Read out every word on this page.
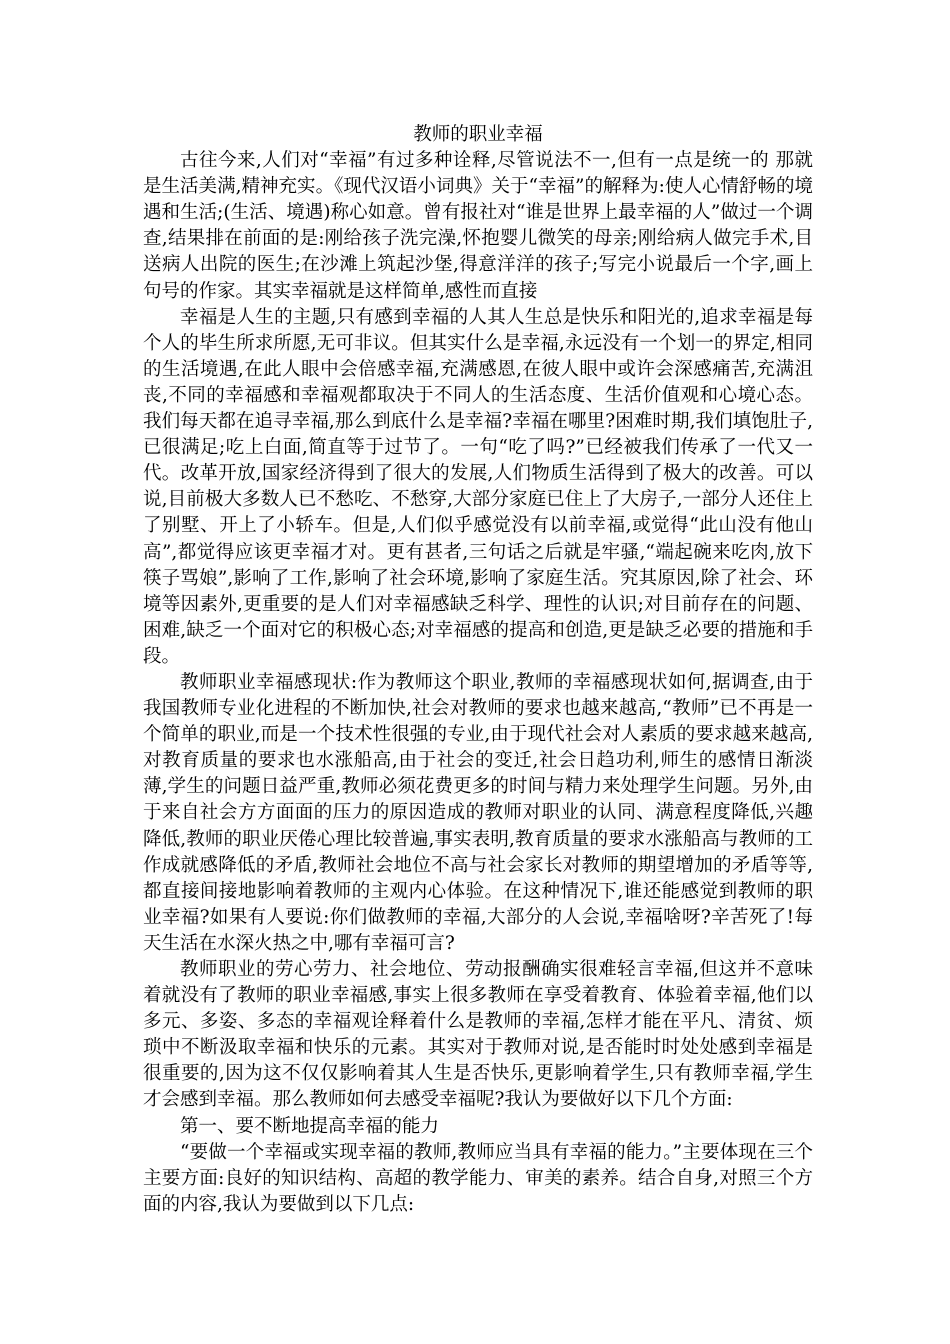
教师的职业幸福

古往今来,人们对“幸福”有过多种诠释,尽管说法不一,但有一点是统一的 那就是生活美满,精神充实。《现代汉语小词典》关于“幸福”的解释为:使人心情舒畅的境遇和生活;(生活、境遇)称心如意。曾有报社对“谁是世界上最幸福的人”做过一个调查,结果排在前面的是:刚给孩子洗完澡,怀抱婴儿微笑的母亲;刚给病人做完手术,目送病人出院的医生;在沙滩上筑起沙堡,得意洋洋的孩子;写完小说最后一个字,画上句号的作家。其实幸福就是这样简单,感性而直接

幸福是人生的主题,只有感到幸福的人其人生总是快乐和阳光的,追求幸福是每个人的毕生所求所愿,无可非议。但其实什么是幸福,永远没有一个划一的界定,相同的生活境遇,在此人眼中会倍感幸福,充满感恩,在彼人眼中或许会深感痛苦,充满沮丧,不同的幸福感和幸福观都取决于不同人的生活态度、生活价值观和心境心态。我们每天都在追寻幸福,那么到底什么是幸福?幸福在哪里?困难时期,我们填饱肚子,已很满足;吃上白面,简直等于过节了。一句“吃了吗?”已经被我们传承了一代又一代。改革开放,国家经济得到了很大的发展,人们物质生活得到了极大的改善。可以说,目前极大多数人已不愁吃、不愁穿,大部分家庭已住上了大房子,一部分人还住上了别墅、开上了小轿车。但是,人们似乎感觉没有以前幸福,或觉得“此山没有他山高”,都觉得应该更幸福才对。更有甚者,三句话之后就是牢骚,“端起碗来吃肉,放下筷子骂娘”,影响了工作,影响了社会环境,影响了家庭生活。究其原因,除了社会、环境等因素外,更重要的是人们对幸福感缺乏科学、理性的认识;对目前存在的问题、困难,缺乏一个面对它的积极心态;对幸福感的提高和创造,更是缺乏必要的措施和手段。

教师职业幸福感现状:作为教师这个职业,教师的幸福感现状如何,据调查,由于我国教师专业化进程的不断加快,社会对教师的要求也越来越高,“教师”已不再是一个简单的职业,而是一个技术性很强的专业,由于现代社会对人素质的要求越来越高,对教育质量的要求也水涨船高,由于社会的变迁,社会日趋功利,师生的感情日渐淡薄,学生的问题日益严重,教师必须花费更多的时间与精力来处理学生问题。另外,由于来自社会方方面面的压力的原因造成的教师对职业的认同、满意程度降低,兴趣降低,教师的职业厌倦心理比较普遍,事实表明,教育质量的要求水涨船高与教师的工作成就感降低的矛盾,教师社会地位不高与社会家长对教师的期望增加的矛盾等等,都直接间接地影响着教师的主观内心体验。在这种情况下,谁还能感觉到教师的职业幸福?如果有人要说:你们做教师的幸福,大部分的人会说,幸福啥呀?辛苦死了!每天生活在水深火热之中,哪有幸福可言?

教师职业的劳心劳力、社会地位、劳动报酬确实很难轻言幸福,但这并不意味着就没有了教师的职业幸福感,事实上很多教师在享受着教育、体验着幸福,他们以多元、多姿、多态的幸福观诠释着什么是教师的幸福,怎样才能在平凡、清贫、烦琐中不断汲取幸福和快乐的元素。其实对于教师对说,是否能时时处处感到幸福是很重要的,因为这不仅仅影响着其人生是否快乐,更影响着学生,只有教师幸福,学生才会感到幸福。那么教师如何去感受幸福呢?我认为要做好以下几个方面:

第一、要不断地提高幸福的能力

“要做一个幸福或实现幸福的教师,教师应当具有幸福的能力。”主要体现在三个主要方面:良好的知识结构、高超的教学能力、审美的素养。结合自身,对照三个方面的内容,我认为要做到以下几点:
